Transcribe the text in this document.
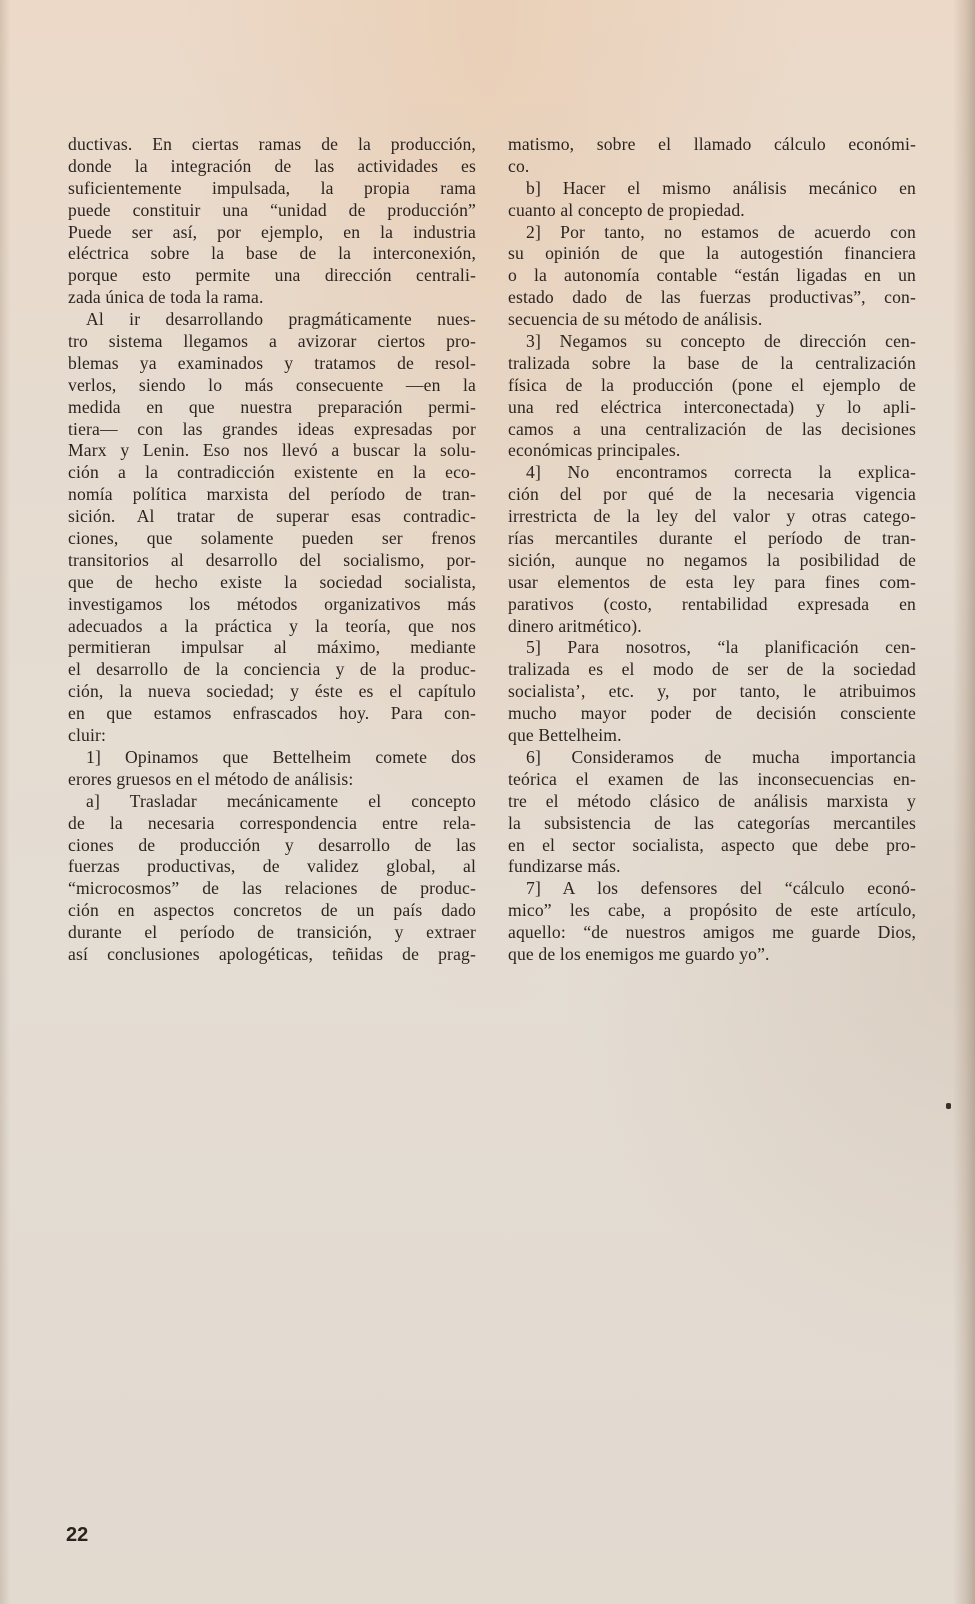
ductivas. En ciertas ramas de la producción,
donde la integración de las actividades es
suficientemente impulsada, la propia rama
puede constituir una “unidad de producción”
Puede ser así, por ejemplo, en la industria
eléctrica sobre la base de la interconexión,
porque esto permite una dirección centrali-
zada única de toda la rama.
Al ir desarrollando pragmáticamente nues-
tro sistema llegamos a avizorar ciertos pro-
blemas ya examinados y tratamos de resol-
verlos, siendo lo más consecuente —en la
medida en que nuestra preparación permi-
tiera— con las grandes ideas expresadas por
Marx y Lenin. Eso nos llevó a buscar la solu-
ción a la contradicción existente en la eco-
nomía política marxista del período de tran-
sición. Al tratar de superar esas contradic-
ciones, que solamente pueden ser frenos
transitorios al desarrollo del socialismo, por-
que de hecho existe la sociedad socialista,
investigamos los métodos organizativos más
adecuados a la práctica y la teoría, que nos
permitieran impulsar al máximo, mediante
el desarrollo de la conciencia y de la produc-
ción, la nueva sociedad; y éste es el capítulo
en que estamos enfrascados hoy. Para con-
cluir:
1] Opinamos que Bettelheim comete dos
erores gruesos en el método de análisis:
a] Trasladar mecánicamente el concepto
de la necesaria correspondencia entre rela-
ciones de producción y desarrollo de las
fuerzas productivas, de validez global, al
“microcosmos” de las relaciones de produc-
ción en aspectos concretos de un país dado
durante el período de transición, y extraer
así conclusiones apologéticas, teñidas de prag-
matismo, sobre el llamado cálculo económi-
co.
b] Hacer el mismo análisis mecánico en
cuanto al concepto de propiedad.
2] Por tanto, no estamos de acuerdo con
su opinión de que la autogestión financiera
o la autonomía contable “están ligadas en un
estado dado de las fuerzas productivas”, con-
secuencia de su método de análisis.
3] Negamos su concepto de dirección cen-
tralizada sobre la base de la centralización
física de la producción (pone el ejemplo de
una red eléctrica interconectada) y lo apli-
camos a una centralización de las decisiones
económicas principales.
4] No encontramos correcta la explica-
ción del por qué de la necesaria vigencia
irrestricta de la ley del valor y otras catego-
rías mercantiles durante el período de tran-
sición, aunque no negamos la posibilidad de
usar elementos de esta ley para fines com-
parativos (costo, rentabilidad expresada en
dinero aritmético).
5] Para nosotros, “la planificación cen-
tralizada es el modo de ser de la sociedad
socialista’, etc. y, por tanto, le atribuimos
mucho mayor poder de decisión consciente
que Bettelheim.
6] Consideramos de mucha importancia
teórica el examen de las inconsecuencias en-
tre el método clásico de análisis marxista y
la subsistencia de las categorías mercantiles
en el sector socialista, aspecto que debe pro-
fundizarse más.
7] A los defensores del “cálculo econó-
mico” les cabe, a propósito de este artículo,
aquello: “de nuestros amigos me guarde Dios,
que de los enemigos me guardo yo”.
22
